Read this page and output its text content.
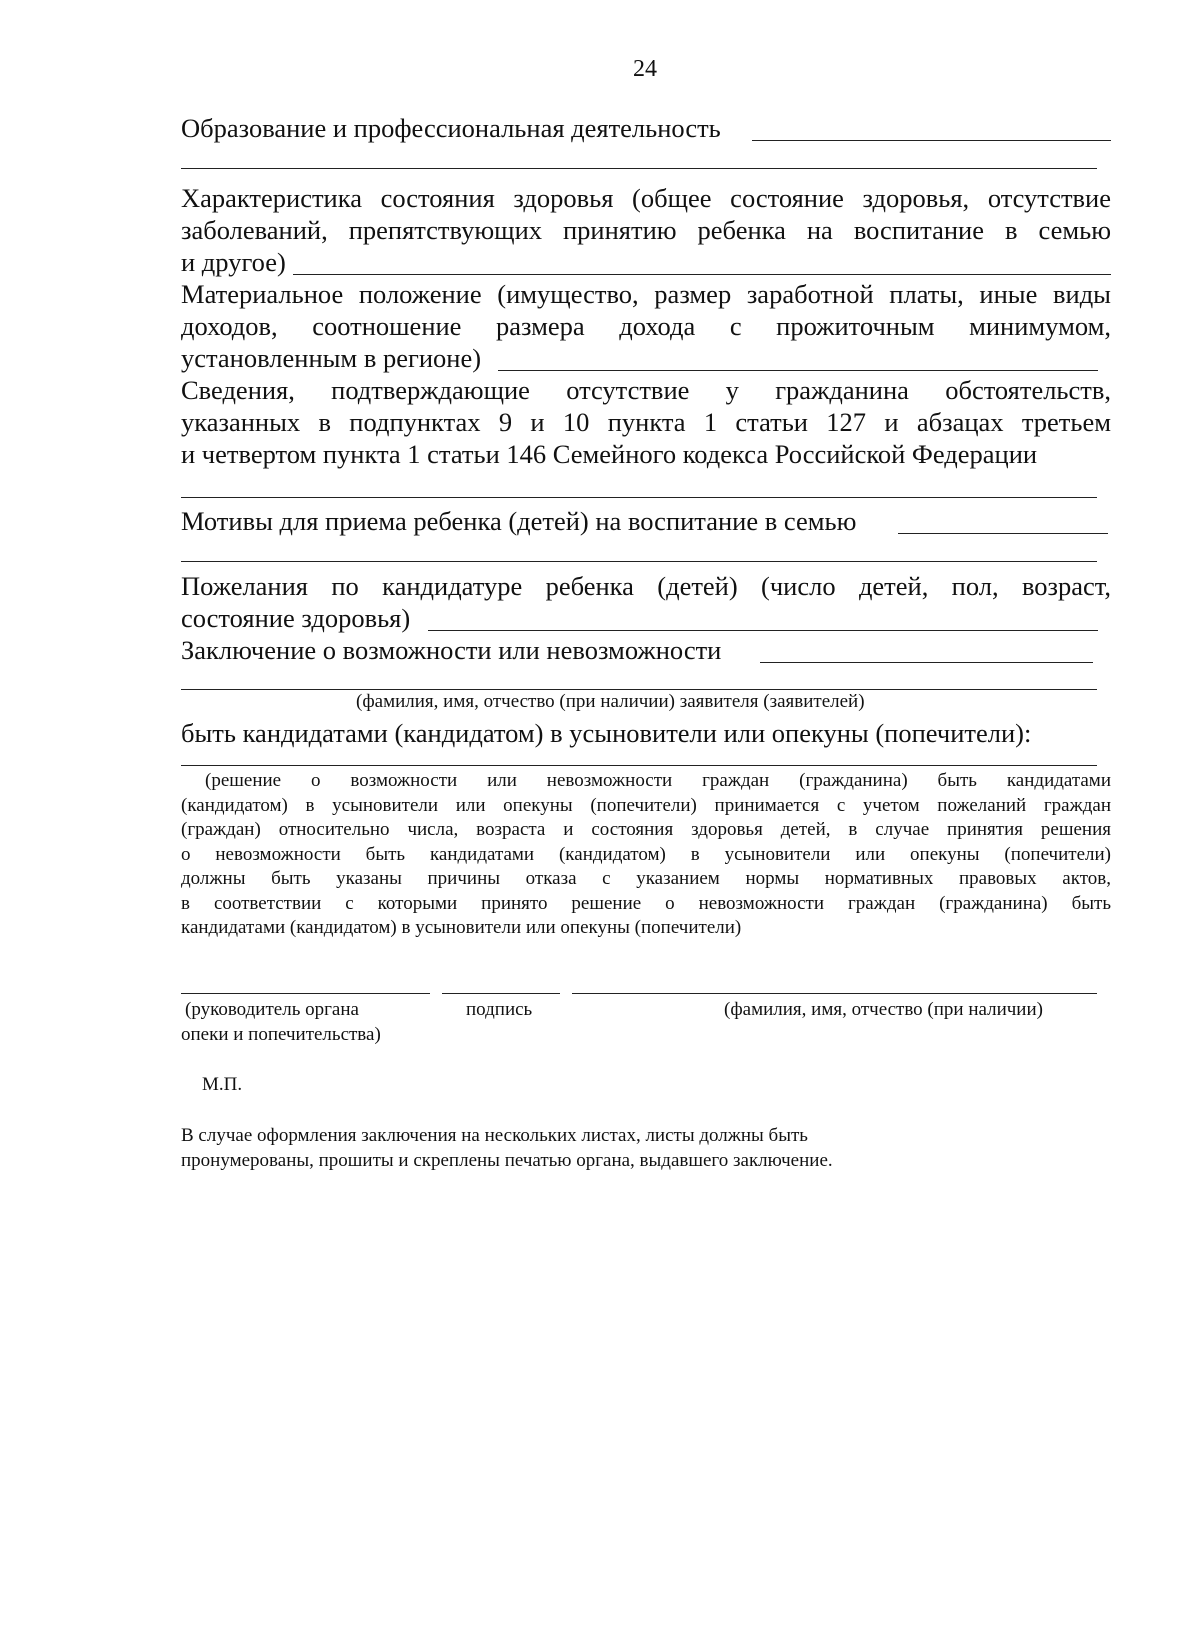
24
Образование и профессиональная деятельность
Характеристика состояния здоровья (общее состояние здоровья, отсутствие
заболеваний, препятствующих принятию ребенка на воспитание в семью
и другое)
Материальное положение (имущество, размер заработной платы, иные виды
доходов, соотношение размера дохода с прожиточным минимумом,
установленным в регионе)
Сведения, подтверждающие отсутствие у гражданина обстоятельств,
указанных в подпунктах 9 и 10 пункта 1 статьи 127 и абзацах третьем
и четвертом пункта 1 статьи 146 Семейного кодекса Российской Федерации
Мотивы для приема ребенка (детей) на воспитание в семью
Пожелания по кандидатуре ребенка (детей) (число детей, пол, возраст,
состояние здоровья)
Заключение о возможности или невозможности
(фамилия, имя, отчество (при наличии) заявителя (заявителей)
быть кандидатами (кандидатом) в усыновители или опекуны (попечители):
(решение о возможности или невозможности граждан (гражданина) быть кандидатами
(кандидатом) в усыновители или опекуны (попечители) принимается с учетом пожеланий граждан
(граждан) относительно числа, возраста и состояния здоровья детей, в случае принятия решения
о невозможности быть кандидатами (кандидатом) в усыновители или опекуны (попечители)
должны быть указаны причины отказа с указанием нормы нормативных правовых актов,
в соответствии с которыми принято решение о невозможности граждан (гражданина) быть
кандидатами (кандидатом) в усыновители или опекуны (попечители)
(руководитель органа
опеки и попечительства)
подпись	(фамилия, имя, отчество (при наличии)
М.П.
В случае оформления заключения на нескольких листах, листы должны быть
пронумерованы, прошиты и скреплены печатью органа, выдавшего заключение.
